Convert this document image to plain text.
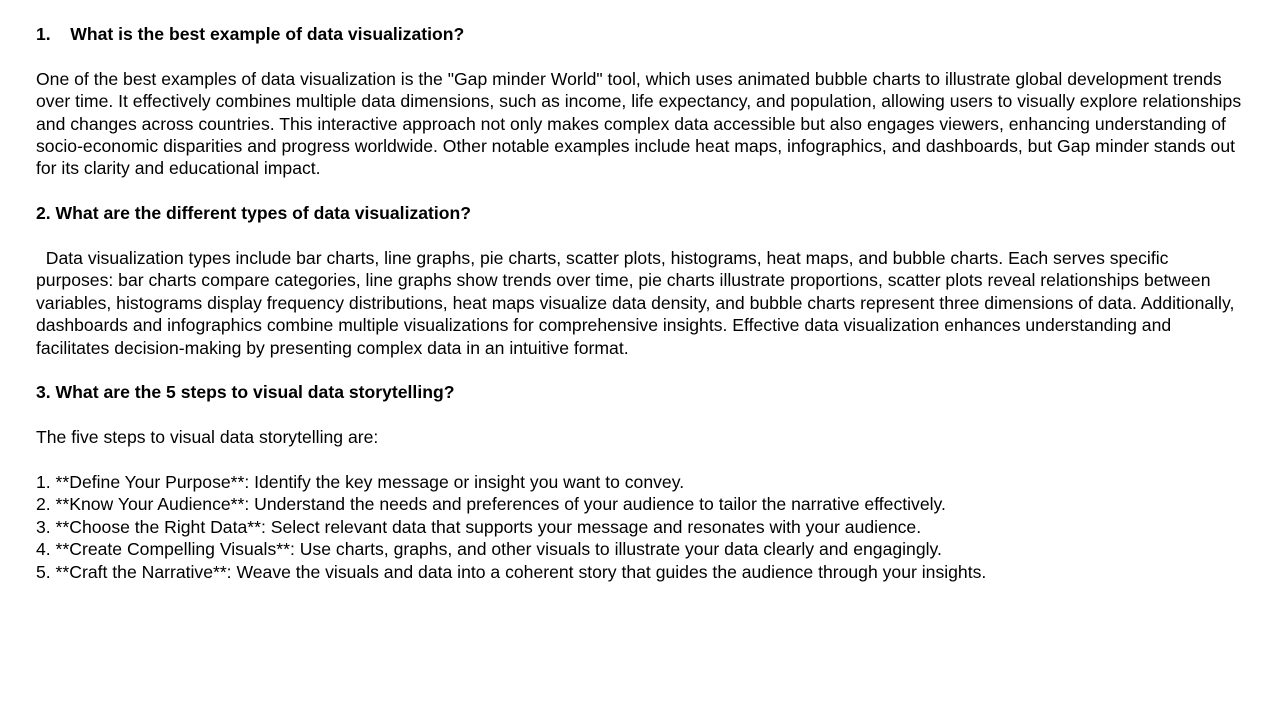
1.    What is the best example of data visualization?

One of the best examples of data visualization is the "Gap minder World" tool, which uses animated bubble charts to illustrate global development trends over time. It effectively combines multiple data dimensions, such as income, life expectancy, and population, allowing users to visually explore relationships and changes across countries. This interactive approach not only makes complex data accessible but also engages viewers, enhancing understanding of socio-economic disparities and progress worldwide. Other notable examples include heat maps, infographics, and dashboards, but Gap minder stands out for its clarity and educational impact.

2. What are the different types of data visualization?

Data visualization types include bar charts, line graphs, pie charts, scatter plots, histograms, heat maps, and bubble charts. Each serves specific purposes: bar charts compare categories, line graphs show trends over time, pie charts illustrate proportions, scatter plots reveal relationships between variables, histograms display frequency distributions, heat maps visualize data density, and bubble charts represent three dimensions of data. Additionally, dashboards and infographics combine multiple visualizations for comprehensive insights. Effective data visualization enhances understanding and facilitates decision-making by presenting complex data in an intuitive format.

3. What are the 5 steps to visual data storytelling?

The five steps to visual data storytelling are:

1. **Define Your Purpose**: Identify the key message or insight you want to convey.

2. **Know Your Audience**: Understand the needs and preferences of your audience to tailor the narrative effectively.

3. **Choose the Right Data**: Select relevant data that supports your message and resonates with your audience.

4. **Create Compelling Visuals**: Use charts, graphs, and other visuals to illustrate your data clearly and engagingly.

5. **Craft the Narrative**: Weave the visuals and data into a coherent story that guides the audience through your insights.
